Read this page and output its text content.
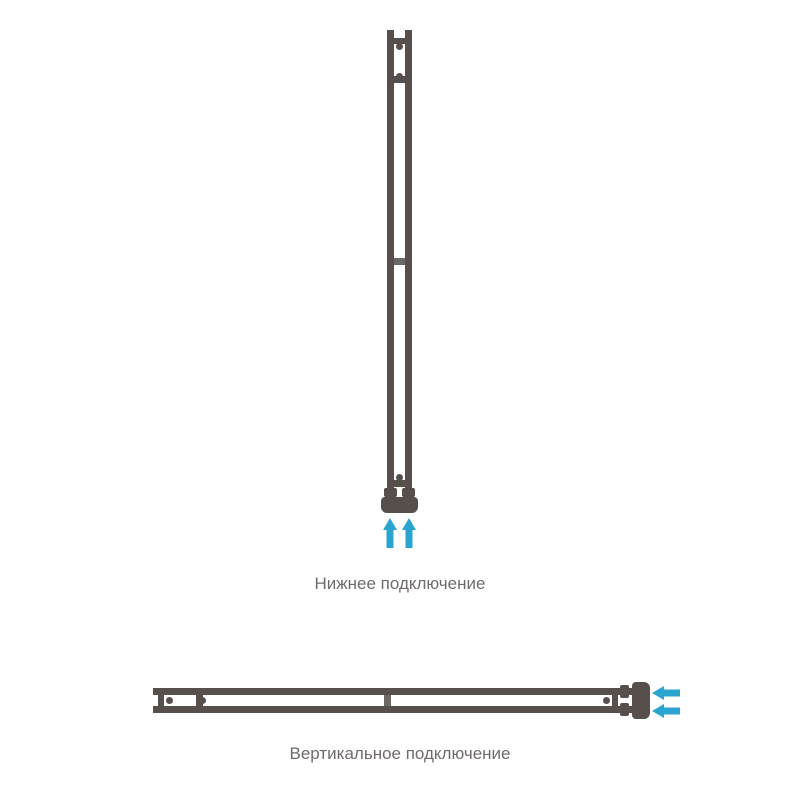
Нижнее подключение
Вертикальное подключение
